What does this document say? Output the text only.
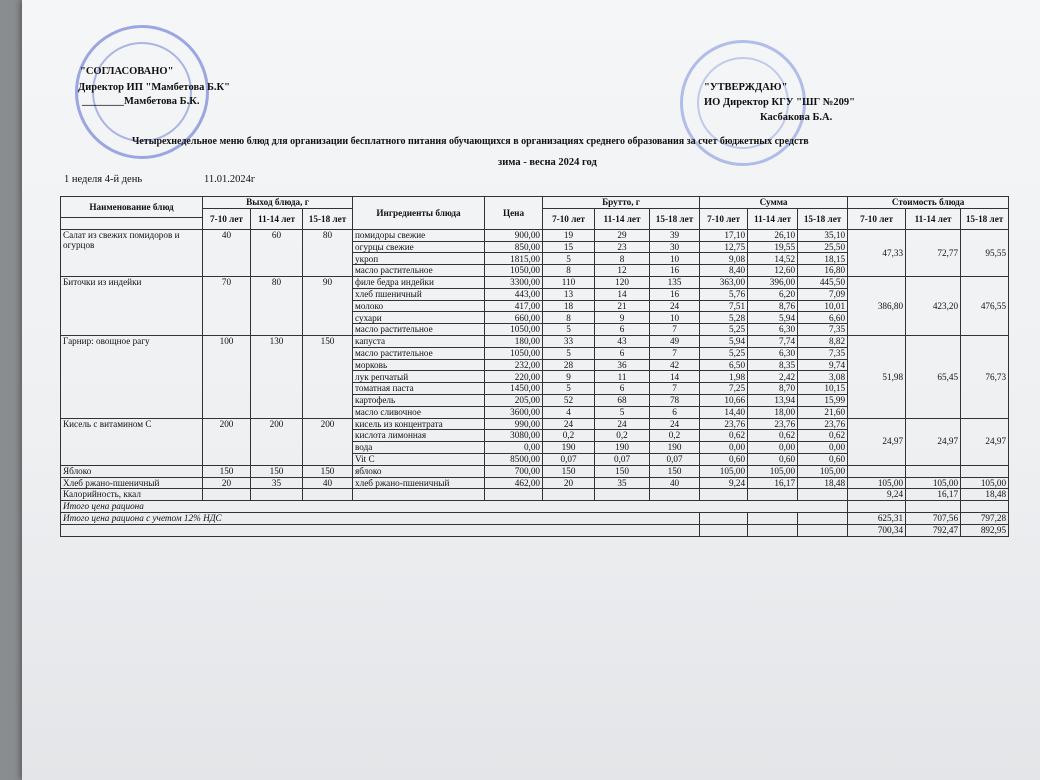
"СОГЛАСОВАНО"
Директор ИП "Мамбетова Б.К"
________Мамбетова Б.К.
"УТВЕРЖДАЮ"
ИО Директор КГУ "ШГ №209"
Касбакова Б.А.
Четырехнедельное меню блюд для организации бесплатного питания обучающихся в организациях среднего образования за счет бюджетных средств
зима - весна 2024 год
1 неделя 4-й день	11.01.2024г
Наименование блюд	Выход блюда, г			Ингредиенты блюда	Цена	Брутто, г			Сумма			Стоимость блюда		
	7-10 лет	11-14 лет	15-18 лет			7-10 лет	11-14 лет	15-18 лет	7-10 лет	11-14 лет	15-18 лет	7-10 лет	11-14 лет	15-18 лет

Салат из свежих помидоров и огурцов	40	60	80	помидоры свежие	900,00	19	29	39	17,10	26,10	35,10	47,33	72,77	95,55
				огурцы свежие	850,00	15	23	30	12,75	19,55	25,50			
				укроп	1815,00	5	8	10	9,08	14,52	18,15			
				масло растительное	1050,00	8	12	16	8,40	12,60	16,80			
Биточки из индейки	70	80	90	филе бедра индейки	3300,00	110	120	135	363,00	396,00	445,50	386,80	423,20	476,55
				хлеб пшеничный	443,00	13	14	16	5,76	6,20	7,09			
				молоко	417,00	18	21	24	7,51	8,76	10,01			
				сухари	660,00	8	9	10	5,28	5,94	6,60			
				масло растительное	1050,00	5	6	7	5,25	6,30	7,35			
Гарнир: овощное рагу	100	130	150	капуста	180,00	33	43	49	5,94	7,74	8,82	51,98	65,45	76,73
				масло растительное	1050,00	5	6	7	5,25	6,30	7,35			
				морковь	232,00	28	36	42	6,50	8,35	9,74			
				лук репчатый	220,00	9	11	14	1,98	2,42	3,08			
				томатная паста	1450,00	5	6	7	7,25	8,70	10,15			
				картофель	205,00	52	68	78	10,66	13,94	15,99			
				масло сливочное	3600,00	4	5	6	14,40	18,00	21,60			
Кисель с витамином С	200	200	200	кисель из концентрата	990,00	24	24	24	23,76	23,76	23,76	24,97	24,97	24,97
				кислота лимонная	3080,00	0,2	0,2	0,2	0,62	0,62	0,62			
				вода	0,00	190	190	190	0,00	0,00	0,00			
				Vit C	8500,00	0,07	0,07	0,07	0,60	0,60	0,60			
Яблоко	150	150	150	яблоко	700,00	150	150	150	105,00	105,00	105,00			
Хлеб ржано-пшеничный	20	35	40	хлеб ржано-пшеничный	462,00	20	35	40	9,24	16,17	18,48	105,00	105,00	105,00
Калорийность, ккал												9,24	16,17	18,48
Итого цена рациона														
Итого цена рациона с учетом 12% НДС												625,31	707,56	797,28
												700,34	792,47	892,95
